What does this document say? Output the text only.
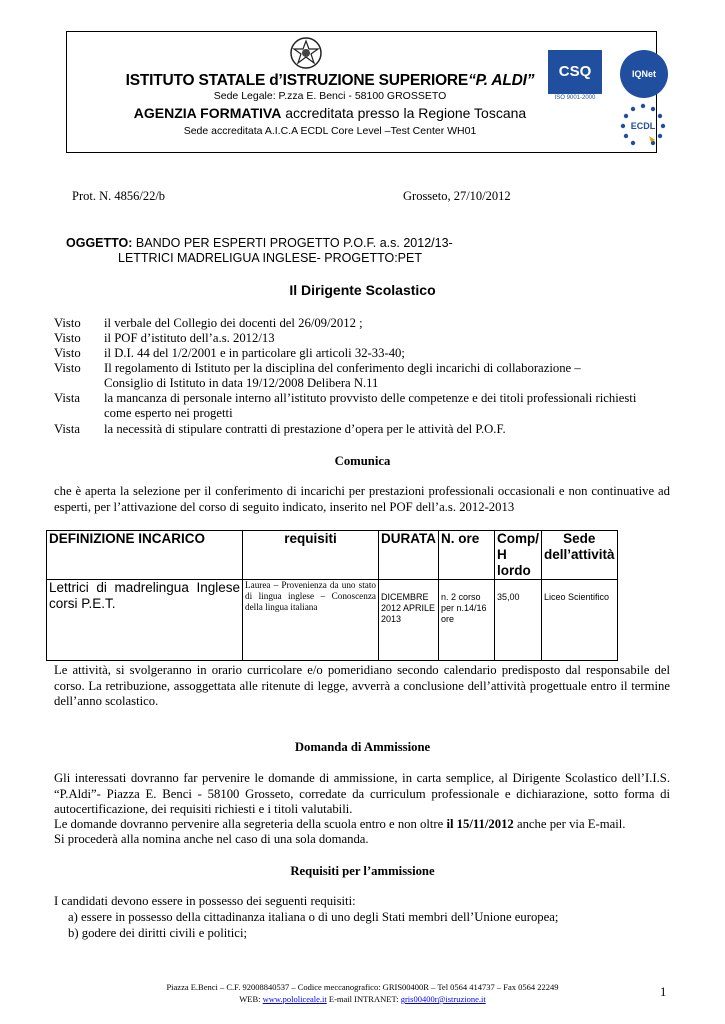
ISTITUTO STATALE d’ISTRUZIONE SUPERIORE“P. ALDI”
Sede Legale: P.zza E. Benci - 58100 GROSSETO
AGENZIA FORMATIVA accreditata presso la Regione Toscana
Sede accreditata A.I.C.A ECDL Core Level –Test Center WH01
CSQ
ISO 9001-2000
IQNet
ECDL
Prot. N. 4856/22/b	Grosseto, 27/10/2012
OGGETTO: BANDO PER ESPERTI PROGETTO P.O.F. a.s. 2012/13-
LETTRICI MADRELIGUA INGLESE- PROGETTO:PET
Il Dirigente Scolastico
Visto il verbale del Collegio dei docenti del 26/09/2012 ;
Visto il POF d’istituto dell’a.s. 2012/13
Visto il D.I. 44 del 1/2/2001 e in particolare gli articoli 32-33-40;
Visto Il regolamento di Istituto per la disciplina del conferimento degli incarichi di collaborazione –
Consiglio di Istituto in data 19/12/2008 Delibera N.11
Vista la mancanza di personale interno all’istituto provvisto delle competenze e dei titoli professionali richiesti
come esperto nei progetti
Vista la necessità di stipulare contratti di prestazione d’opera per le attività del P.O.F.
Comunica
che è aperta la selezione per il conferimento di incarichi per prestazioni professionali occasionali e non continuative ad esperti, per l’attivazione del corso di seguito indicato, inserito nel POF dell’a.s. 2012-2013
DEFINIZIONE INCARICO	requisiti	DURATA	N. ore	Comp/ H lordo	Sede dell’attività
Lettrici di madrelingua Inglese corsi P.E.T.	Laurea – Provenienza da uno stato di lingua inglese – Conoscenza della lingua italiana	DICEMBRE 2012 APRILE 2013	n. 2 corso per n.14/16 ore	35,00	Liceo Scientifico
Le attività, si svolgeranno in orario curricolare e/o pomeridiano secondo calendario predisposto dal responsabile del corso. La retribuzione, assoggettata alle ritenute di legge, avverrà a conclusione dell’attività progettuale entro il termine dell’anno scolastico.
Domanda di Ammissione
Gli interessati dovranno far pervenire le domande di ammissione, in carta semplice, al Dirigente Scolastico dell’I.I.S. “P.Aldi”- Piazza E. Benci - 58100 Grosseto, corredate da curriculum professionale e dichiarazione, sotto forma di autocertificazione, dei requisiti richiesti e i titoli valutabili.
Le domande dovranno pervenire alla segreteria della scuola entro e non oltre il 15/11/2012 anche per via E-mail.
Si procederà alla nomina anche nel caso di una sola domanda.
Requisiti per l’ammissione
I candidati devono essere in possesso dei seguenti requisiti:
a) essere in possesso della cittadinanza italiana o di uno degli Stati membri dell’Unione europea;
b) godere dei diritti civili e politici;
Piazza E.Benci – C.F. 92008840537 – Codice meccanografico: GRIS00400R – Tel 0564 414737 – Fax 0564 22249
WEB: www.pololiceale.it E-mail INTRANET: gris00400r@istruzione.it	1
